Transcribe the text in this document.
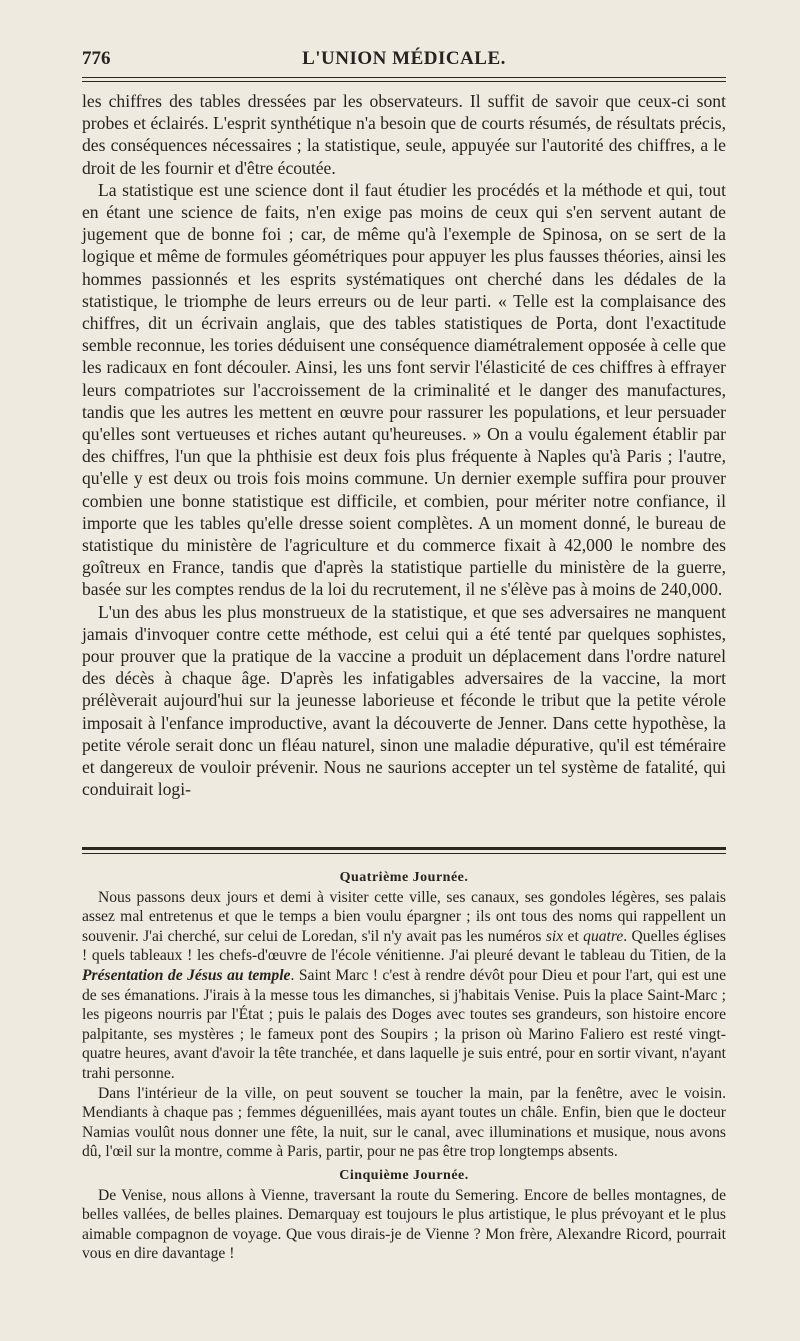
776	L'UNION MÉDICALE.

les chiffres des tables dressées par les observateurs. Il suffit de savoir que ceux-ci sont probes et éclairés. L'esprit synthétique n'a besoin que de courts résumés, de résultats précis, des conséquences nécessaires ; la statistique, seule, appuyée sur l'autorité des chiffres, a le droit de les fournir et d'être écoutée.

La statistique est une science dont il faut étudier les procédés et la méthode et qui, tout en étant une science de faits, n'en exige pas moins de ceux qui s'en servent autant de jugement que de bonne foi ; car, de même qu'à l'exemple de Spinosa, on se sert de la logique et même de formules géométriques pour appuyer les plus fausses théories, ainsi les hommes passionnés et les esprits systématiques ont cherché dans les dédales de la statistique, le triomphe de leurs erreurs ou de leur parti. « Telle est la complaisance des chiffres, dit un écrivain anglais, que des tables statistiques de Porta, dont l'exactitude semble reconnue, les tories déduisent une conséquence diamétralement opposée à celle que les radicaux en font découler. Ainsi, les uns font servir l'élasticité de ces chiffres à effrayer leurs compatriotes sur l'accroissement de la criminalité et le danger des manufactures, tandis que les autres les mettent en œuvre pour rassurer les populations, et leur persuader qu'elles sont vertueuses et riches autant qu'heureuses. » On a voulu également établir par des chiffres, l'un que la phthisie est deux fois plus fréquente à Naples qu'à Paris ; l'autre, qu'elle y est deux ou trois fois moins commune. Un dernier exemple suffira pour prouver combien une bonne statistique est difficile, et combien, pour mériter notre confiance, il importe que les tables qu'elle dresse soient complètes. A un moment donné, le bureau de statistique du ministère de l'agriculture et du commerce fixait à 42,000 le nombre des goîtreux en France, tandis que d'après la statistique partielle du ministère de la guerre, basée sur les comptes rendus de la loi du recrutement, il ne s'élève pas à moins de 240,000.

L'un des abus les plus monstrueux de la statistique, et que ses adversaires ne manquent jamais d'invoquer contre cette méthode, est celui qui a été tenté par quelques sophistes, pour prouver que la pratique de la vaccine a produit un déplacement dans l'ordre naturel des décès à chaque âge. D'après les infatigables adversaires de la vaccine, la mort prélèverait aujourd'hui sur la jeunesse laborieuse et féconde le tribut que la petite vérole imposait à l'enfance improductive, avant la découverte de Jenner. Dans cette hypothèse, la petite vérole serait donc un fléau naturel, sinon une maladie dépurative, qu'il est téméraire et dangereux de vouloir prévenir. Nous ne saurions accepter un tel système de fatalité, qui conduirait logi-

Quatrième Journée.

Nous passons deux jours et demi à visiter cette ville, ses canaux, ses gondoles légères, ses palais assez mal entretenus et que le temps a bien voulu épargner ; ils ont tous des noms qui rappellent un souvenir. J'ai cherché, sur celui de Loredan, s'il n'y avait pas les numéros six et quatre. Quelles églises ! quels tableaux ! les chefs-d'œuvre de l'école vénitienne. J'ai pleuré devant le tableau du Titien, de la Présentation de Jésus au temple. Saint Marc ! c'est à rendre dévôt pour Dieu et pour l'art, qui est une de ses émanations. J'irais à la messe tous les dimanches, si j'habitais Venise. Puis la place Saint-Marc ; les pigeons nourris par l'État ; puis le palais des Doges avec toutes ses grandeurs, son histoire encore palpitante, ses mystères ; le fameux pont des Soupirs ; la prison où Marino Faliero est resté vingt-quatre heures, avant d'avoir la tête tranchée, et dans laquelle je suis entré, pour en sortir vivant, n'ayant trahi personne.

Dans l'intérieur de la ville, on peut souvent se toucher la main, par la fenêtre, avec le voisin. Mendiants à chaque pas ; femmes déguenillées, mais ayant toutes un châle. Enfin, bien que le docteur Namias voulût nous donner une fête, la nuit, sur le canal, avec illuminations et musique, nous avons dû, l'œil sur la montre, comme à Paris, partir, pour ne pas être trop longtemps absents.

Cinquième Journée.

De Venise, nous allons à Vienne, traversant la route du Semering. Encore de belles montagnes, de belles vallées, de belles plaines. Demarquay est toujours le plus artistique, le plus prévoyant et le plus aimable compagnon de voyage. Que vous dirais-je de Vienne ? Mon frère, Alexandre Ricord, pourrait vous en dire davantage !
